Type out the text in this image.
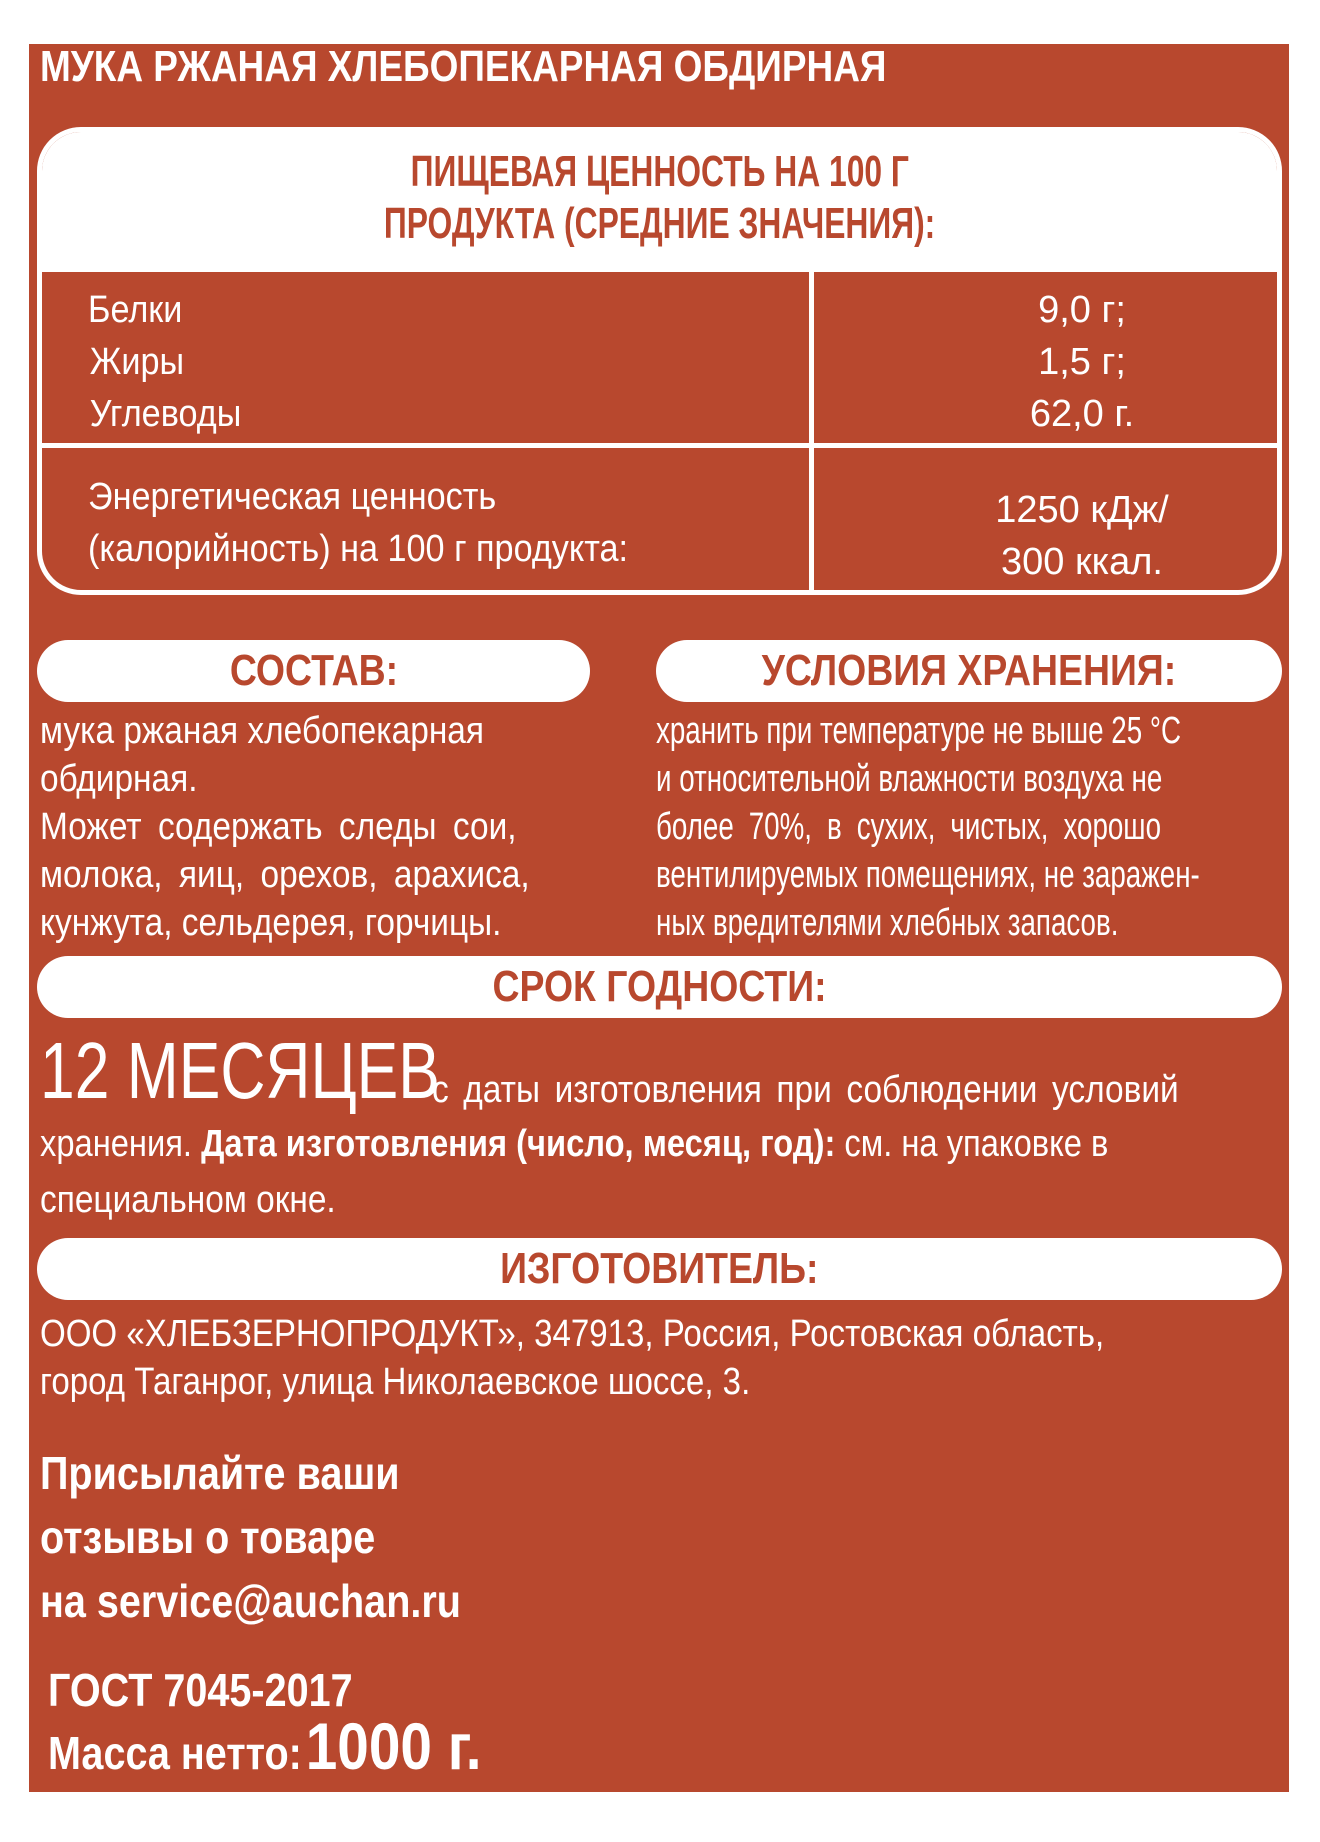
МУКА РЖАНАЯ ХЛЕБОПЕКАРНАЯ ОБДИРНАЯ
ПИЩЕВАЯ ЦЕННОСТЬ НА 100 Г
ПРОДУКТА (СРЕДНИЕ ЗНАЧЕНИЯ):
Белки
Жиры
Углеводы
9,0 г;
1,5 г;
62,0 г.
Энергетическая ценность
(калорийность) на 100 г продукта:
1250 кДж/
300 ккал.
СОСТАВ:
мука ржаная хлебопекарная
обдирная.
Может содержать следы сои,
молока, яиц, орехов, арахиса,
кунжута, сельдерея, горчицы.
УСЛОВИЯ ХРАНЕНИЯ:
хранить при температуре не выше 25 °C
и относительной влажности воздуха не
более 70%, в сухих, чистых, хорошо
вентилируемых помещениях, не заражен-
ных вредителями хлебных запасов.
СРОК ГОДНОСТИ:
12 МЕСЯЦЕВ
с даты изготовления при соблюдении условий
хранения. Дата изготовления (число, месяц, год): см. на упаковке в
специальном окне.
ИЗГОТОВИТЕЛЬ:
ООО «ХЛЕБЗЕРНОПРОДУКТ», 347913, Россия, Ростовская область,
город Таганрог, улица Николаевское шоссе, 3.
Присылайте ваши
отзывы о товаре
на service@auchan.ru
ГОСТ 7045-2017
Масса нетто: 1000 г.
